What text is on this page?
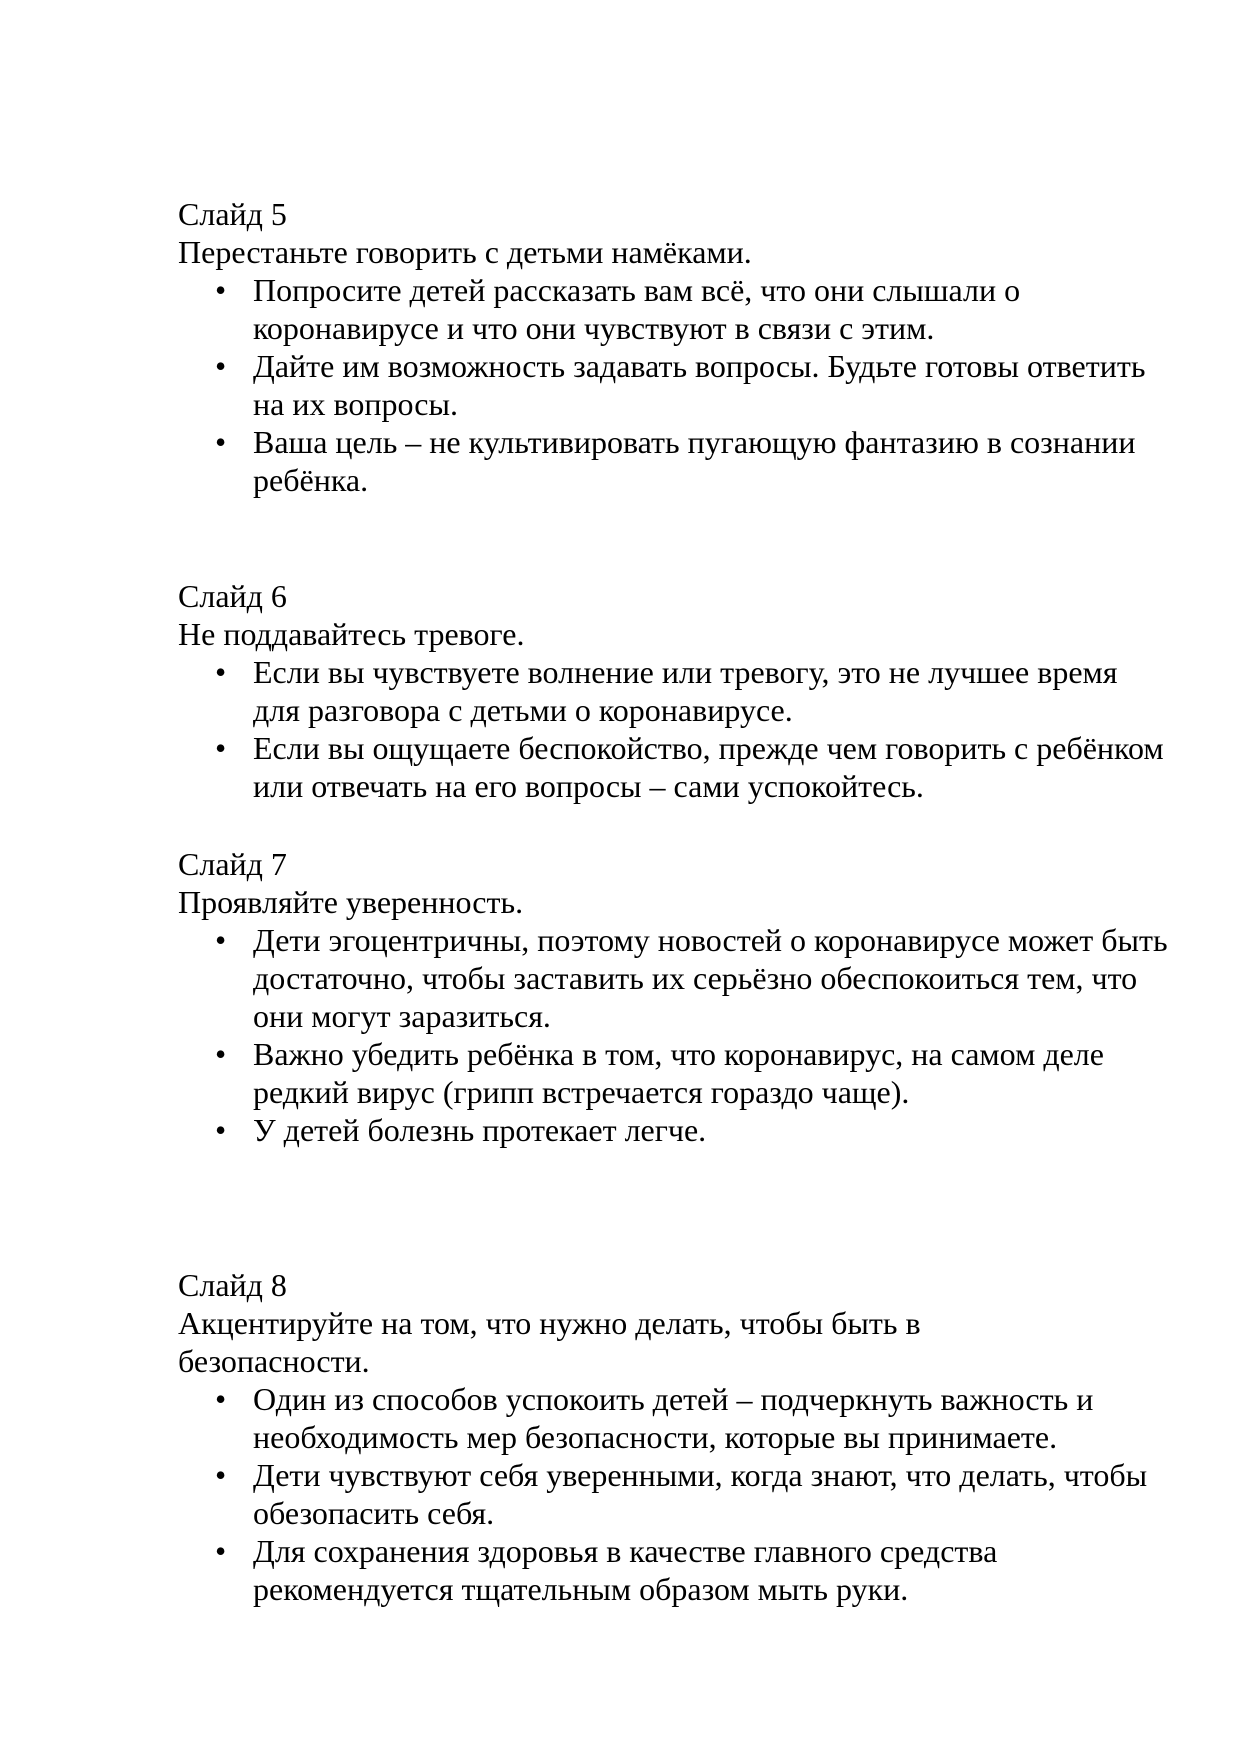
Слайд 5

Перестаньте говорить с детьми намёками.

• Попросите детей рассказать вам всё, что они слышали о коронавирусе и что они чувствуют в связи с этим.
• Дайте им возможность задавать вопросы. Будьте готовы ответить на их вопросы.
• Ваша цель – не культивировать пугающую фантазию в сознании ребёнка.

Слайд 6

Не поддавайтесь тревоге.

• Если вы чувствуете волнение или тревогу, это не лучшее время для разговора с детьми о коронавирусе.
• Если вы ощущаете беспокойство, прежде чем говорить с ребёнком или отвечать на его вопросы – сами успокойтесь.

Слайд 7

Проявляйте уверенность.

• Дети эгоцентричны, поэтому новостей о коронавирусе может быть достаточно, чтобы заставить их серьёзно обеспокоиться тем, что они могут заразиться.
• Важно убедить ребёнка в том, что коронавирус, на самом деле редкий вирус (грипп встречается гораздо чаще).
• У детей болезнь протекает легче.

Слайд 8

Акцентируйте на том, что нужно делать, чтобы быть в безопасности.

• Один из способов успокоить детей – подчеркнуть важность и необходимость мер безопасности, которые вы принимаете.
• Дети чувствуют себя уверенными, когда знают, что делать, чтобы обезопасить себя.
• Для сохранения здоровья в качестве главного средства рекомендуется тщательным образом мыть руки.
